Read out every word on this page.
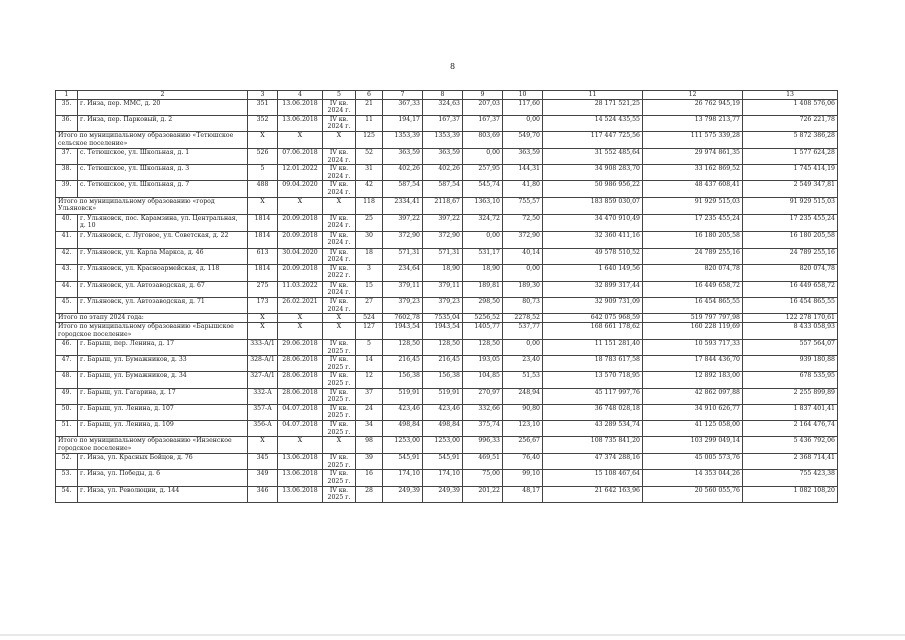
8
1	2	3	4	5	6	7	8	9	10	11	12	13
35.	г. Инза, пер. ММС, д. 20	351	13.06.2018	IV кв. 2024 г.	21	367,33	324,63	207,03	117,60	28 171 521,25	26 762 945,19	1 408 576,06
36.	г. Инза, пер. Парковый, д. 2	352	13.06.2018	IV кв. 2024 г.	11	194,17	167,37	167,37	0,00	14 524 435,55	13 798 213,77	726 221,78
Итого по муниципальному образованию «Тетюшское сельское поселение»		X	X	X	125	1353,39	1353,39	803,69	549,70	117 447 725,56	111 575 339,28	5 872 386,28
37.	с. Тетюшское, ул. Школьная, д. 1	526	07.06.2018	IV кв. 2024 г.	52	363,59	363,59	0,00	363,59	31 552 485,64	29 974 861,35	1 577 624,28
38.	с. Тетюшское, ул. Школьная, д. 3	5	12.01.2022	IV кв. 2024 г.	31	402,26	402,26	257,95	144,31	34 908 283,70	33 162 869,52	1 745 414,19
39.	с. Тетюшское, ул. Школьная, д. 7	488	09.04.2020	IV кв. 2024 г.	42	587,54	587,54	545,74	41,80	50 986 956,22	48 437 608,41	2 549 347,81
Итого по муниципальному образованию «город Ульяновск»		X	X	X	118	2334,41	2118,67	1363,10	755,57	183 859 030,07	91 929 515,03	91 929 515,03
40.	г. Ульяновск, пос. Карамзина, ул. Центральная, д. 10	1814	20.09.2018	IV кв. 2024 г.	25	397,22	397,22	324,72	72,50	34 470 910,49	17 235 455,24	17 235 455,24
41.	г. Ульяновск, с. Луговое, ул. Советская, д. 22	1814	20.09.2018	IV кв. 2024 г.	30	372,90	372,90	0,00	372,90	32 360 411,16	16 180 205,58	16 180 205,58
42.	г. Ульяновск, ул. Карла Маркса, д. 46	613	30.04.2020	IV кв. 2024 г.	18	571,31	571,31	531,17	40,14	49 578 510,52	24 789 255,16	24 789 255,16
43.	г. Ульяновск, ул. Красноармейская, д. 118	1814	20.09.2018	IV кв. 2022 г.	3	234,64	18,90	18,90	0,00	1 640 149,56	820 074,78	820 074,78
44.	г. Ульяновск, ул. Автозаводская, д. 67	275	11.03.2022	IV кв. 2024 г.	15	379,11	379,11	189,81	189,30	32 899 317,44	16 449 658,72	16 449 658,72
45.	г. Ульяновск, ул. Автозаводская, д. 71	173	26.02.2021	IV кв. 2024 г.	27	379,23	379,23	298,50	80,73	32 909 731,09	16 454 865,55	16 454 865,55
Итого по этапу 2024 года:		X	X	X	524	7602,78	7535,04	5256,52	2278,52	642 075 968,59	519 797 797,98	122 278 170,61
Итого по муниципальному образованию «Барышское городское поселение»		X	X	X	127	1943,54	1943,54	1405,77	537,77	168 661 178,62	160 228 119,69	8 433 058,93
46.	г. Барыш, пер. Ленина, д. 17	333-А/1	29.06.2018	IV кв. 2025 г.	5	128,50	128,50	128,50	0,00	11 151 281,40	10 593 717,33	557 564,07
47.	г. Барыш, ул. Бумажников, д. 33	328-А/1	28.06.2018	IV кв. 2025 г.	14	216,45	216,45	193,05	23,40	18 783 617,58	17 844 436,70	939 180,88
48.	г. Барыш, ул. Бумажников, д. 34	327-А/1	28.06.2018	IV кв. 2025 г.	12	156,38	156,38	104,85	51,53	13 570 718,95	12 892 183,00	678 535,95
49.	г. Барыш, ул. Гагарина, д. 17	332-А	28.06.2018	IV кв. 2025 г.	37	519,91	519,91	270,97	248,94	45 117 997,76	42 862 097,88	2 255 899,89
50.	г. Барыш, ул. Ленина, д. 107	357-А	04.07.2018	IV кв. 2025 г.	24	423,46	423,46	332,66	90,80	36 748 028,18	34 910 626,77	1 837 401,41
51.	г. Барыш, ул. Ленина, д. 109	356-А	04.07.2018	IV кв. 2025 г.	34	498,84	498,84	375,74	123,10	43 289 534,74	41 125 058,00	2 164 476,74
Итого по муниципальному образованию «Инзенское городское поселение»		X	X	X	98	1253,00	1253,00	996,33	256,67	108 735 841,20	103 299 049,14	5 436 792,06
52.	г. Инза, ул. Красных Бойцов, д. 76	345	13.06.2018	IV кв. 2025 г.	39	545,91	545,91	469,51	76,40	47 374 288,16	45 005 573,76	2 368 714,41
53.	г. Инза, ул. Победы, д. 6	349	13.06.2018	IV кв. 2025 г.	16	174,10	174,10	75,00	99,10	15 108 467,64	14 353 044,26	755 423,38
54.	г. Инза, ул. Революции, д. 144	346	13.06.2018	IV кв. 2025 г.	28	249,39	249,39	201,22	48,17	21 642 163,96	20 560 055,76	1 082 108,20
